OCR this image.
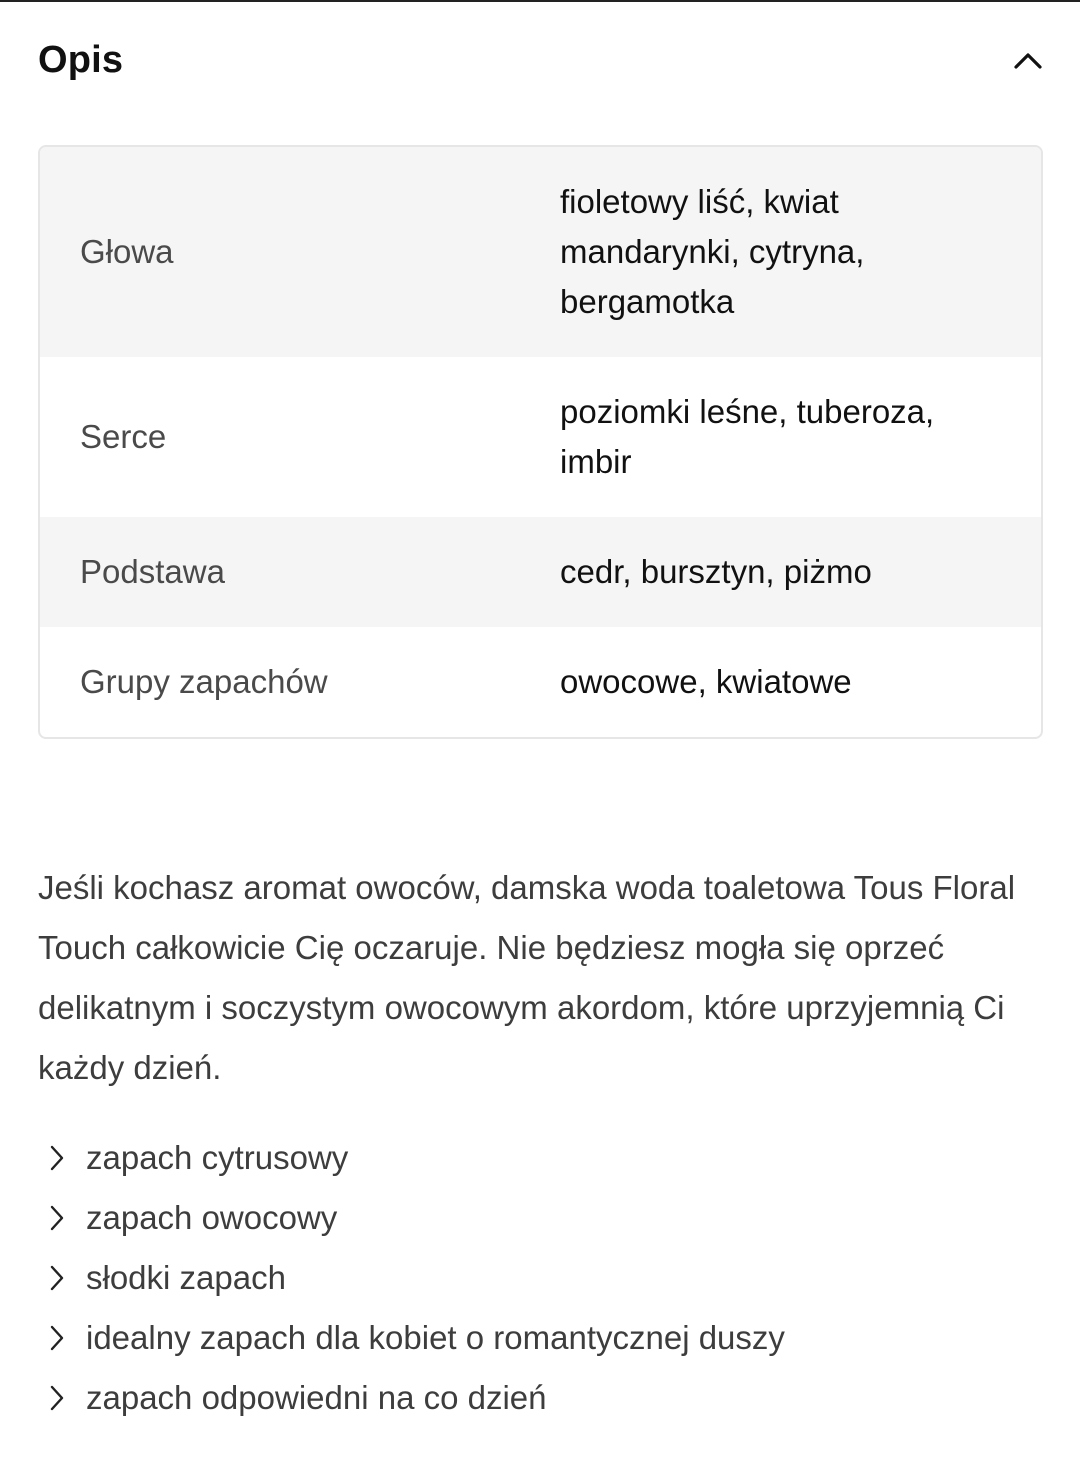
Opis
Głowa
fioletowy liść, kwiat mandarynki, cytryna, bergamotka
Serce
poziomki leśne, tuberoza, imbir
Podstawa	cedr, bursztyn, piżmo
Grupy zapachów	owocowe, kwiatowe

Jeśli kochasz aromat owoców, damska woda toaletowa Tous Floral Touch całkowicie Cię oczaruje. Nie będziesz mogła się oprzeć delikatnym i soczystym owocowym akordom, które uprzyjemnią Ci każdy dzień.

zapach cytrusowy
zapach owocowy
słodki zapach
idealny zapach dla kobiet o romantycznej duszy
zapach odpowiedni na co dzień
